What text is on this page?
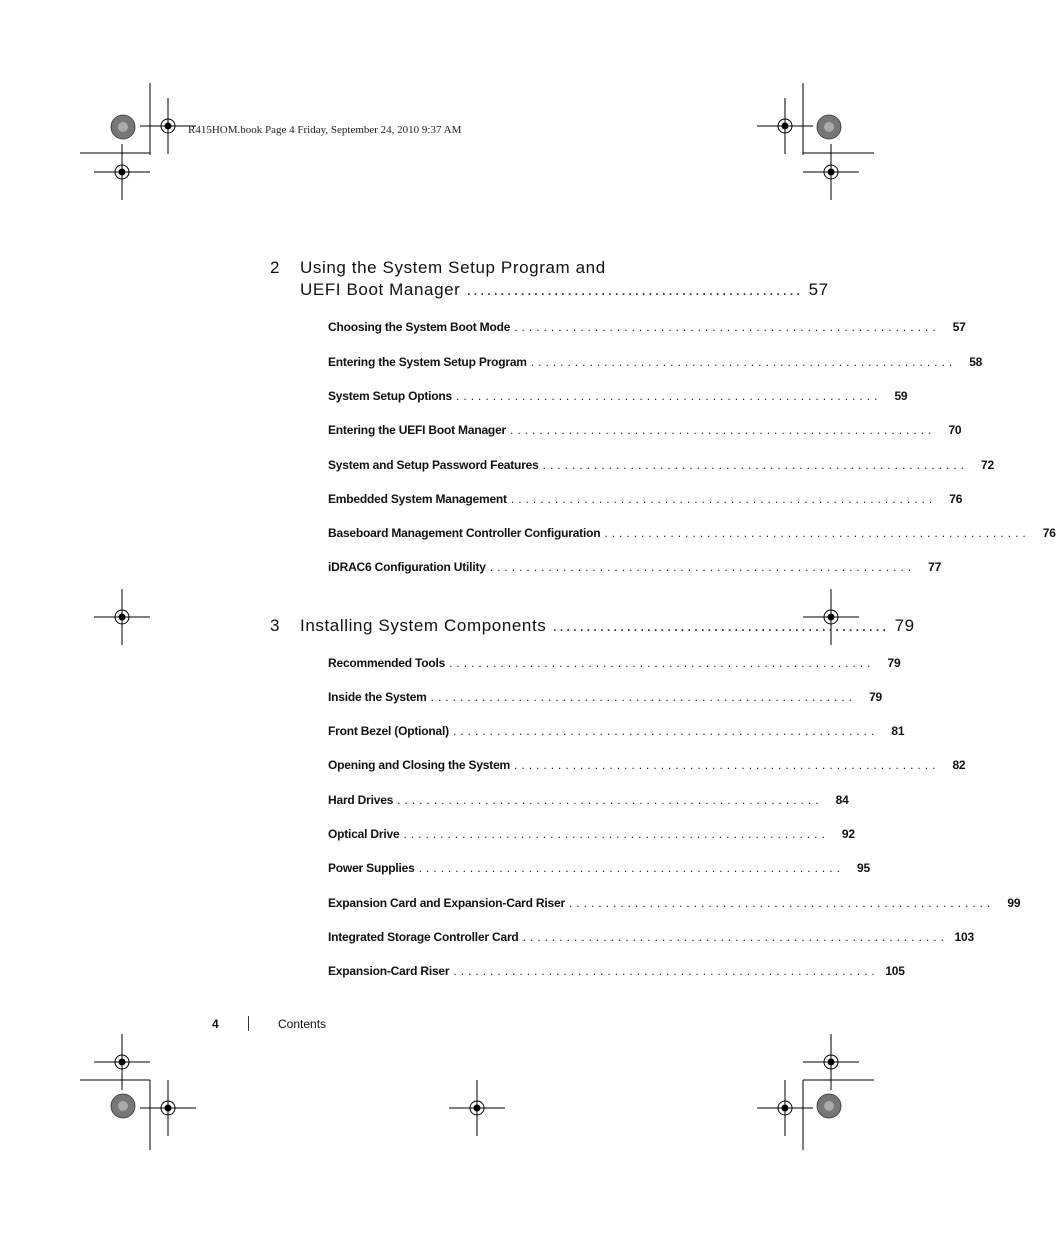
R415HOM.book Page 4 Friday, September 24, 2010 9:37 AM
2 Using the System Setup Program and
UEFI Boot Manager .................................................. 57
Choosing the System Boot Mode ..........................................................	57
Entering the System Setup Program ..........................................................	58
System Setup Options ..........................................................	59
Entering the UEFI Boot Manager ..........................................................	70
System and Setup Password Features ..........................................................	72
Embedded System Management ..........................................................	76
Baseboard Management Controller Configuration ..........................................................	76
iDRAC6 Configuration Utility ..........................................................	77
3 Installing System Components .................................................. 79
Recommended Tools ..........................................................	79
Inside the System ..........................................................	79
Front Bezel (Optional) ..........................................................	81
Opening and Closing the System ..........................................................	82
Hard Drives ..........................................................	84
Optical Drive ..........................................................	92
Power Supplies ..........................................................	95
Expansion Card and Expansion-Card Riser ..........................................................	99
Integrated Storage Controller Card .......................................................... 103
Expansion-Card Riser .......................................................... 105
4	Contents
